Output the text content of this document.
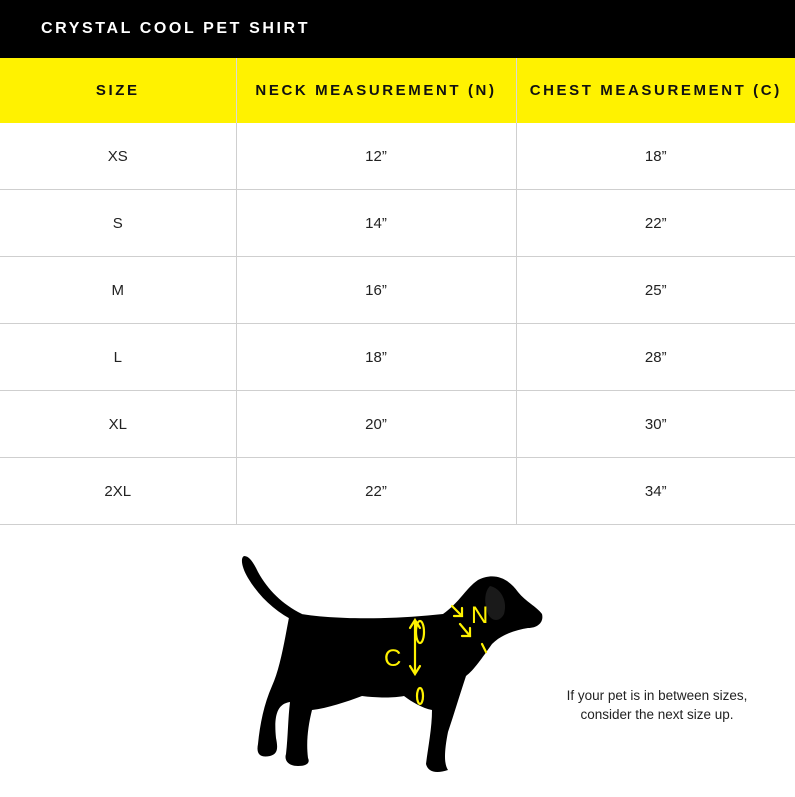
CRYSTAL COOL PET SHIRT
SIZE	NECK MEASUREMENT (N)	CHEST MEASUREMENT (C)
XS	12”	18”
S	14”	22”
M	16”	25”
L	18”	28”
XL	20”	30”
2XL	22”	34”
C
N
If your pet is in between sizes,
consider the next size up.
